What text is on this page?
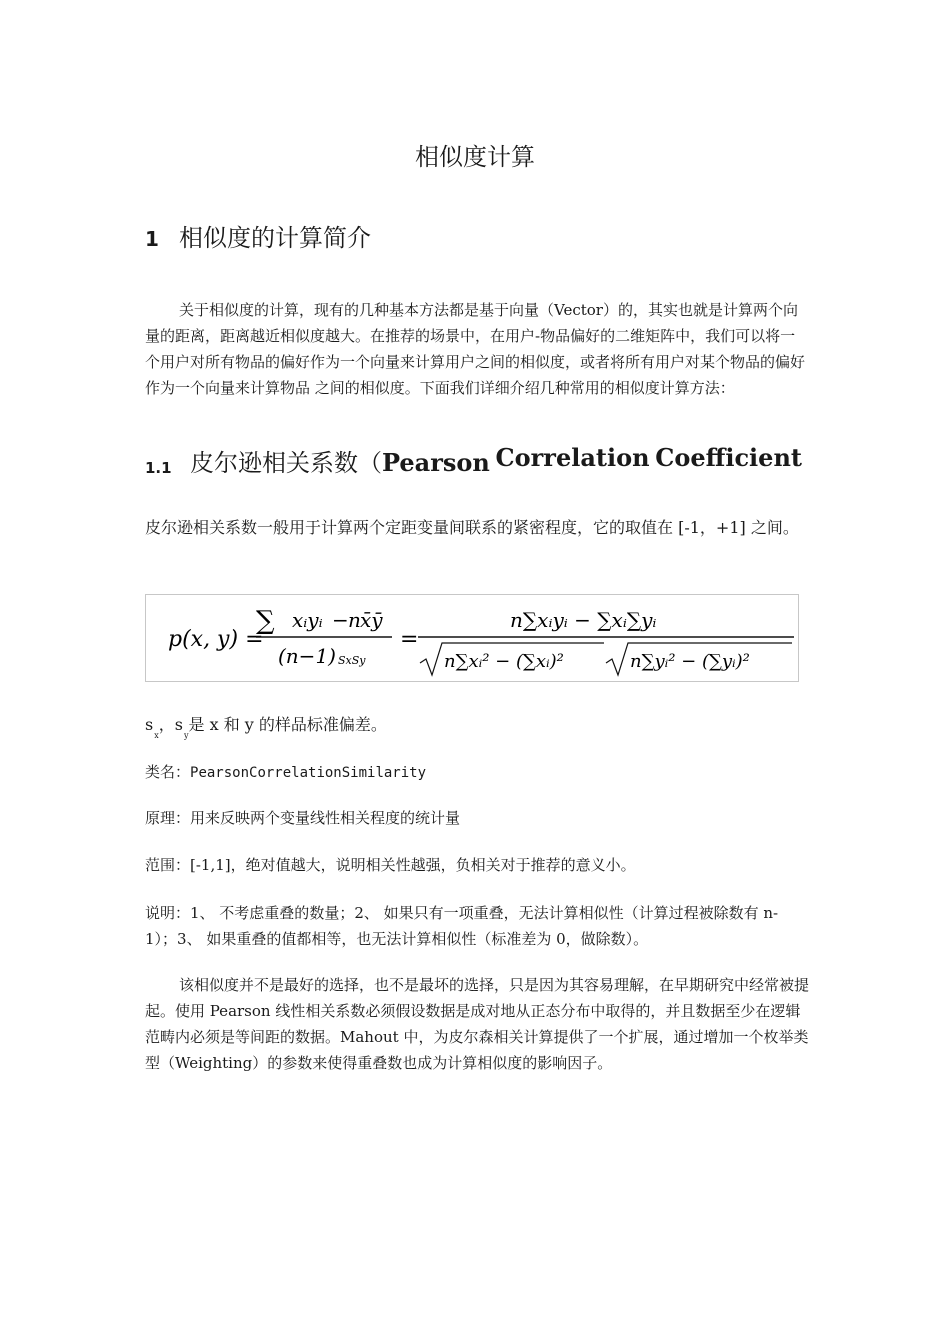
相似度计算
1 相似度的计算简介

关于相似度的计算，现有的几种基本方法都是基于向量（Vector）的，其实也就是计算两个向量的距离，距离越近相似度越大。在推荐的场景中，在用户-物品偏好的二维矩阵中，我们可以将一个用户对所有物品的偏好作为一个向量来计算用户之间的相似度，或者将所有用户对某个物品的偏好作为一个向量来计算物品 之间的相似度。下面我们详细介绍几种常用的相似度计算方法：

1.1 皮尔逊相关系数（Pearson Correlation Coefficient

皮尔逊相关系数一般用于计算两个定距变量间联系的紧密程度，它的取值在 [-1，+1] 之间。

p(x, y) =
∑ xᵢyᵢ − n x̄ȳ
(n−1) SxSy
=
n∑xᵢyᵢ − ∑xᵢ∑yᵢ
n∑xᵢ² − (∑xᵢ)²	n∑yᵢ² − (∑yᵢ)²
$s_x$，$s_y$是 x 和 y 的样品标准偏差。

类名：PearsonCorrelationSimilarity

原理：用来反映两个变量线性相关程度的统计量

范围：[-1,1]，绝对值越大，说明相关性越强，负相关对于推荐的意义小。

说明：1、 不考虑重叠的数量；2、 如果只有一项重叠，无法计算相似性（计算过程被除数有 n-1）；3、 如果重叠的值都相等，也无法计算相似性（标准差为 0，做除数）。

该相似度并不是最好的选择，也不是最坏的选择，只是因为其容易理解，在早期研究中经常被提起。使用 Pearson 线性相关系数必须假设数据是成对地从正态分布中取得的，并且数据至少在逻辑范畴内必须是等间距的数据。Mahout 中，为皮尔森相关计算提供了一个扩展，通过增加一个枚举类型（Weighting）的参数来使得重叠数也成为计算相似度的影响因子。
